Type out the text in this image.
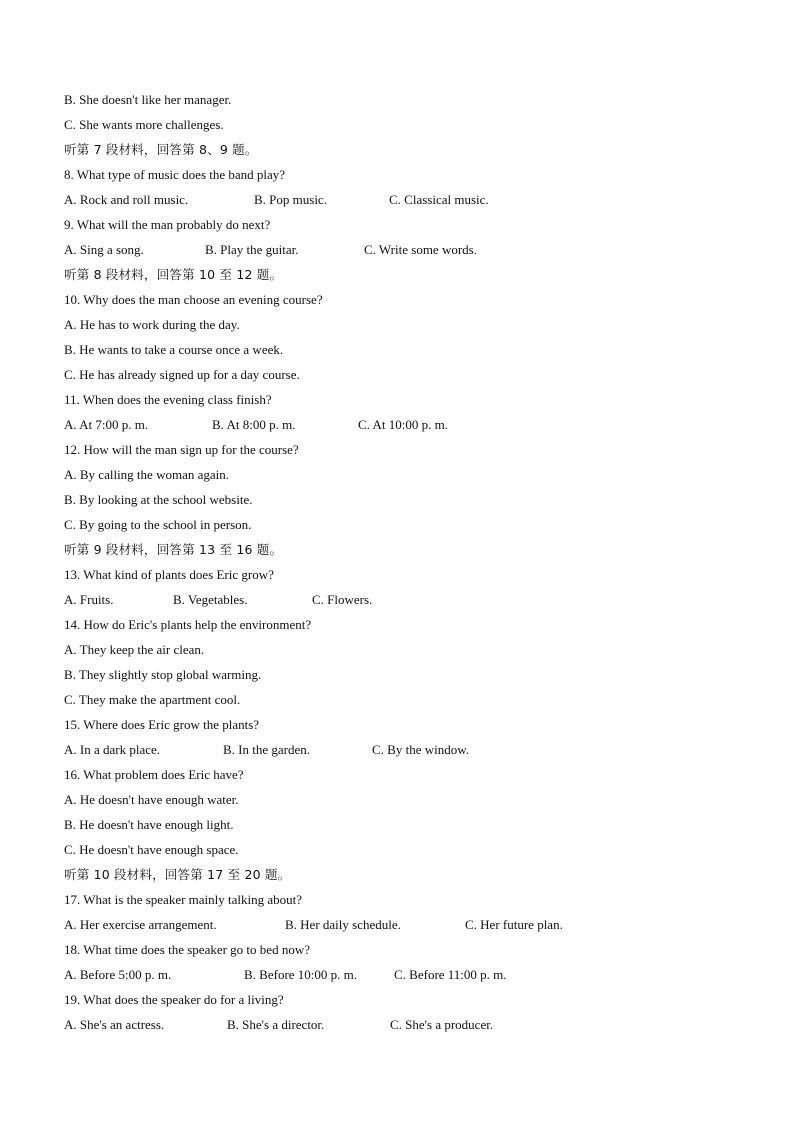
B. She doesn't like her manager.
C. She wants more challenges.
听第 7 段材料，回答第 8、9 题。
8. What type of music does the band play?
A. Rock and roll music.	B. Pop music.	C. Classical music.
9. What will the man probably do next?
A. Sing a song.	B. Play the guitar.	C. Write some words.
听第 8 段材料，回答第 10 至 12 题。
10. Why does the man choose an evening course?
A. He has to work during the day.
B. He wants to take a course once a week.
C. He has already signed up for a day course.
11. When does the evening class finish?
A. At 7:00 p. m.	B. At 8:00 p. m.	C. At 10:00 p. m.
12. How will the man sign up for the course?
A. By calling the woman again.
B. By looking at the school website.
C. By going to the school in person.
听第 9 段材料，回答第 13 至 16 题。
13. What kind of plants does Eric grow?
A. Fruits.	B. Vegetables.	C. Flowers.
14. How do Eric's plants help the environment?
A. They keep the air clean.
B. They slightly stop global warming.
C. They make the apartment cool.
15. Where does Eric grow the plants?
A. In a dark place.	B. In the garden.	C. By the window.
16. What problem does Eric have?
A. He doesn't have enough water.
B. He doesn't have enough light.
C. He doesn't have enough space.
听第 10 段材料，回答第 17 至 20 题。
17. What is the speaker mainly talking about?
A. Her exercise arrangement.	B. Her daily schedule.	C. Her future plan.
18. What time does the speaker go to bed now?
A. Before 5:00 p. m.	B. Before 10:00 p. m.	C. Before 11:00 p. m.
19. What does the speaker do for a living?
A. She's an actress.	B. She's a director.	C. She's a producer.
